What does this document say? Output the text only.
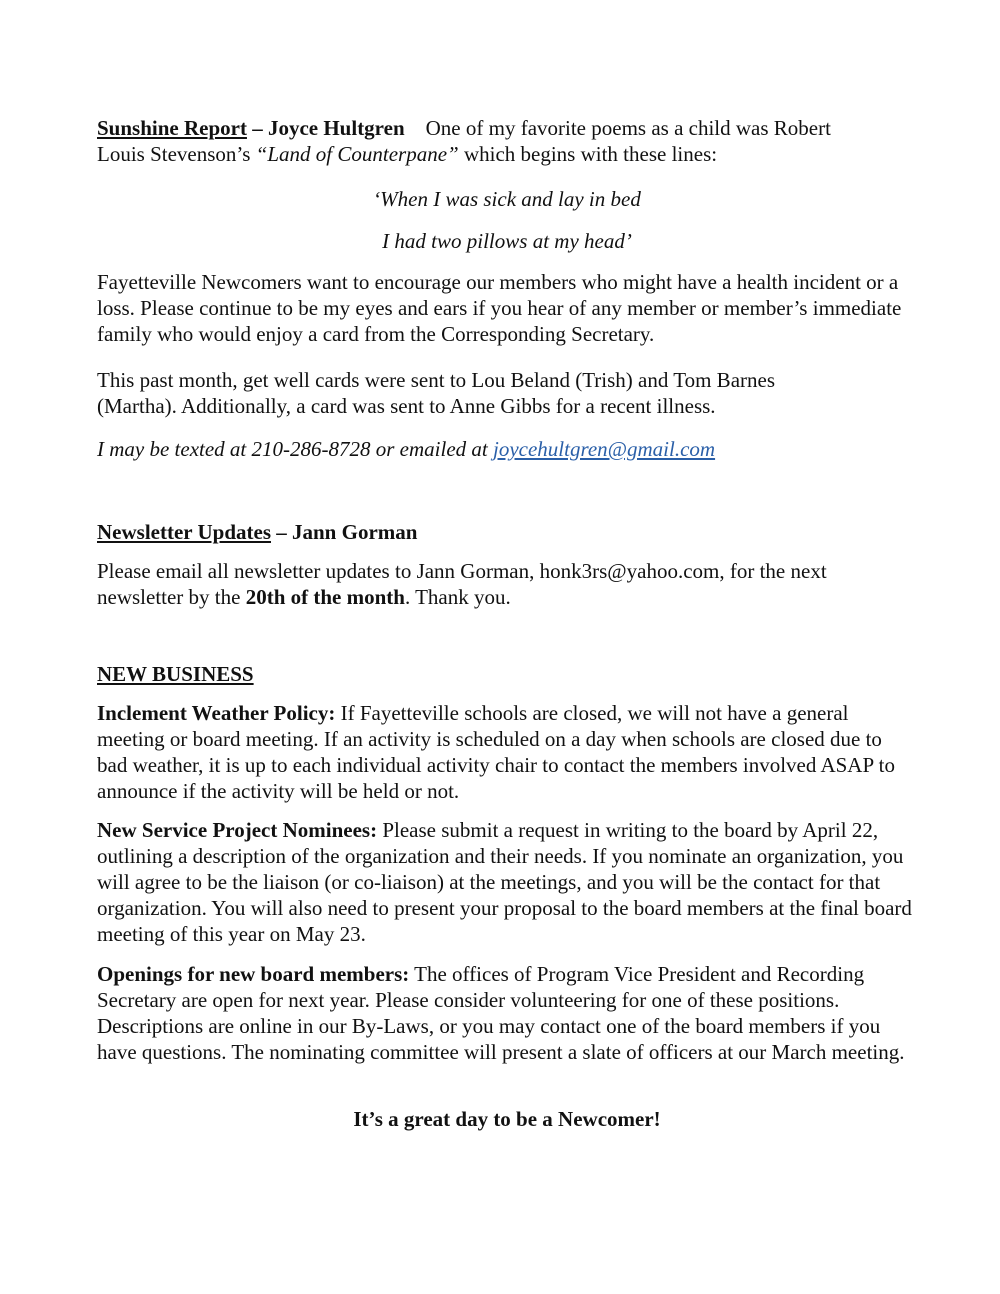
Sunshine Report – Joyce Hultgren One of my favorite poems as a child was Robert
Louis Stevenson’s “Land of Counterpane” which begins with these lines:
‘When I was sick and lay in bed
I had two pillows at my head’
Fayetteville Newcomers want to encourage our members who might have a health incident or a loss. Please continue to be my eyes and ears if you hear of any member or member’s immediate family who would enjoy a card from the Corresponding Secretary.
This past month, get well cards were sent to Lou Beland (Trish) and Tom Barnes (Martha). Additionally, a card was sent to Anne Gibbs for a recent illness.
I may be texted at 210-286-8728 or emailed at joycehultgren@gmail.com
Newsletter Updates – Jann Gorman
Please email all newsletter updates to Jann Gorman, honk3rs@yahoo.com, for the next newsletter by the 20th of the month. Thank you.
NEW BUSINESS
Inclement Weather Policy: If Fayetteville schools are closed, we will not have a general meeting or board meeting. If an activity is scheduled on a day when schools are closed due to bad weather, it is up to each individual activity chair to contact the members involved ASAP to announce if the activity will be held or not.
New Service Project Nominees: Please submit a request in writing to the board by April 22, outlining a description of the organization and their needs. If you nominate an organization, you will agree to be the liaison (or co-liaison) at the meetings, and you will be the contact for that organization. You will also need to present your proposal to the board members at the final board meeting of this year on May 23.
Openings for new board members: The offices of Program Vice President and Recording Secretary are open for next year. Please consider volunteering for one of these positions. Descriptions are online in our By-Laws, or you may contact one of the board members if you have questions. The nominating committee will present a slate of officers at our March meeting.
It’s a great day to be a Newcomer!
